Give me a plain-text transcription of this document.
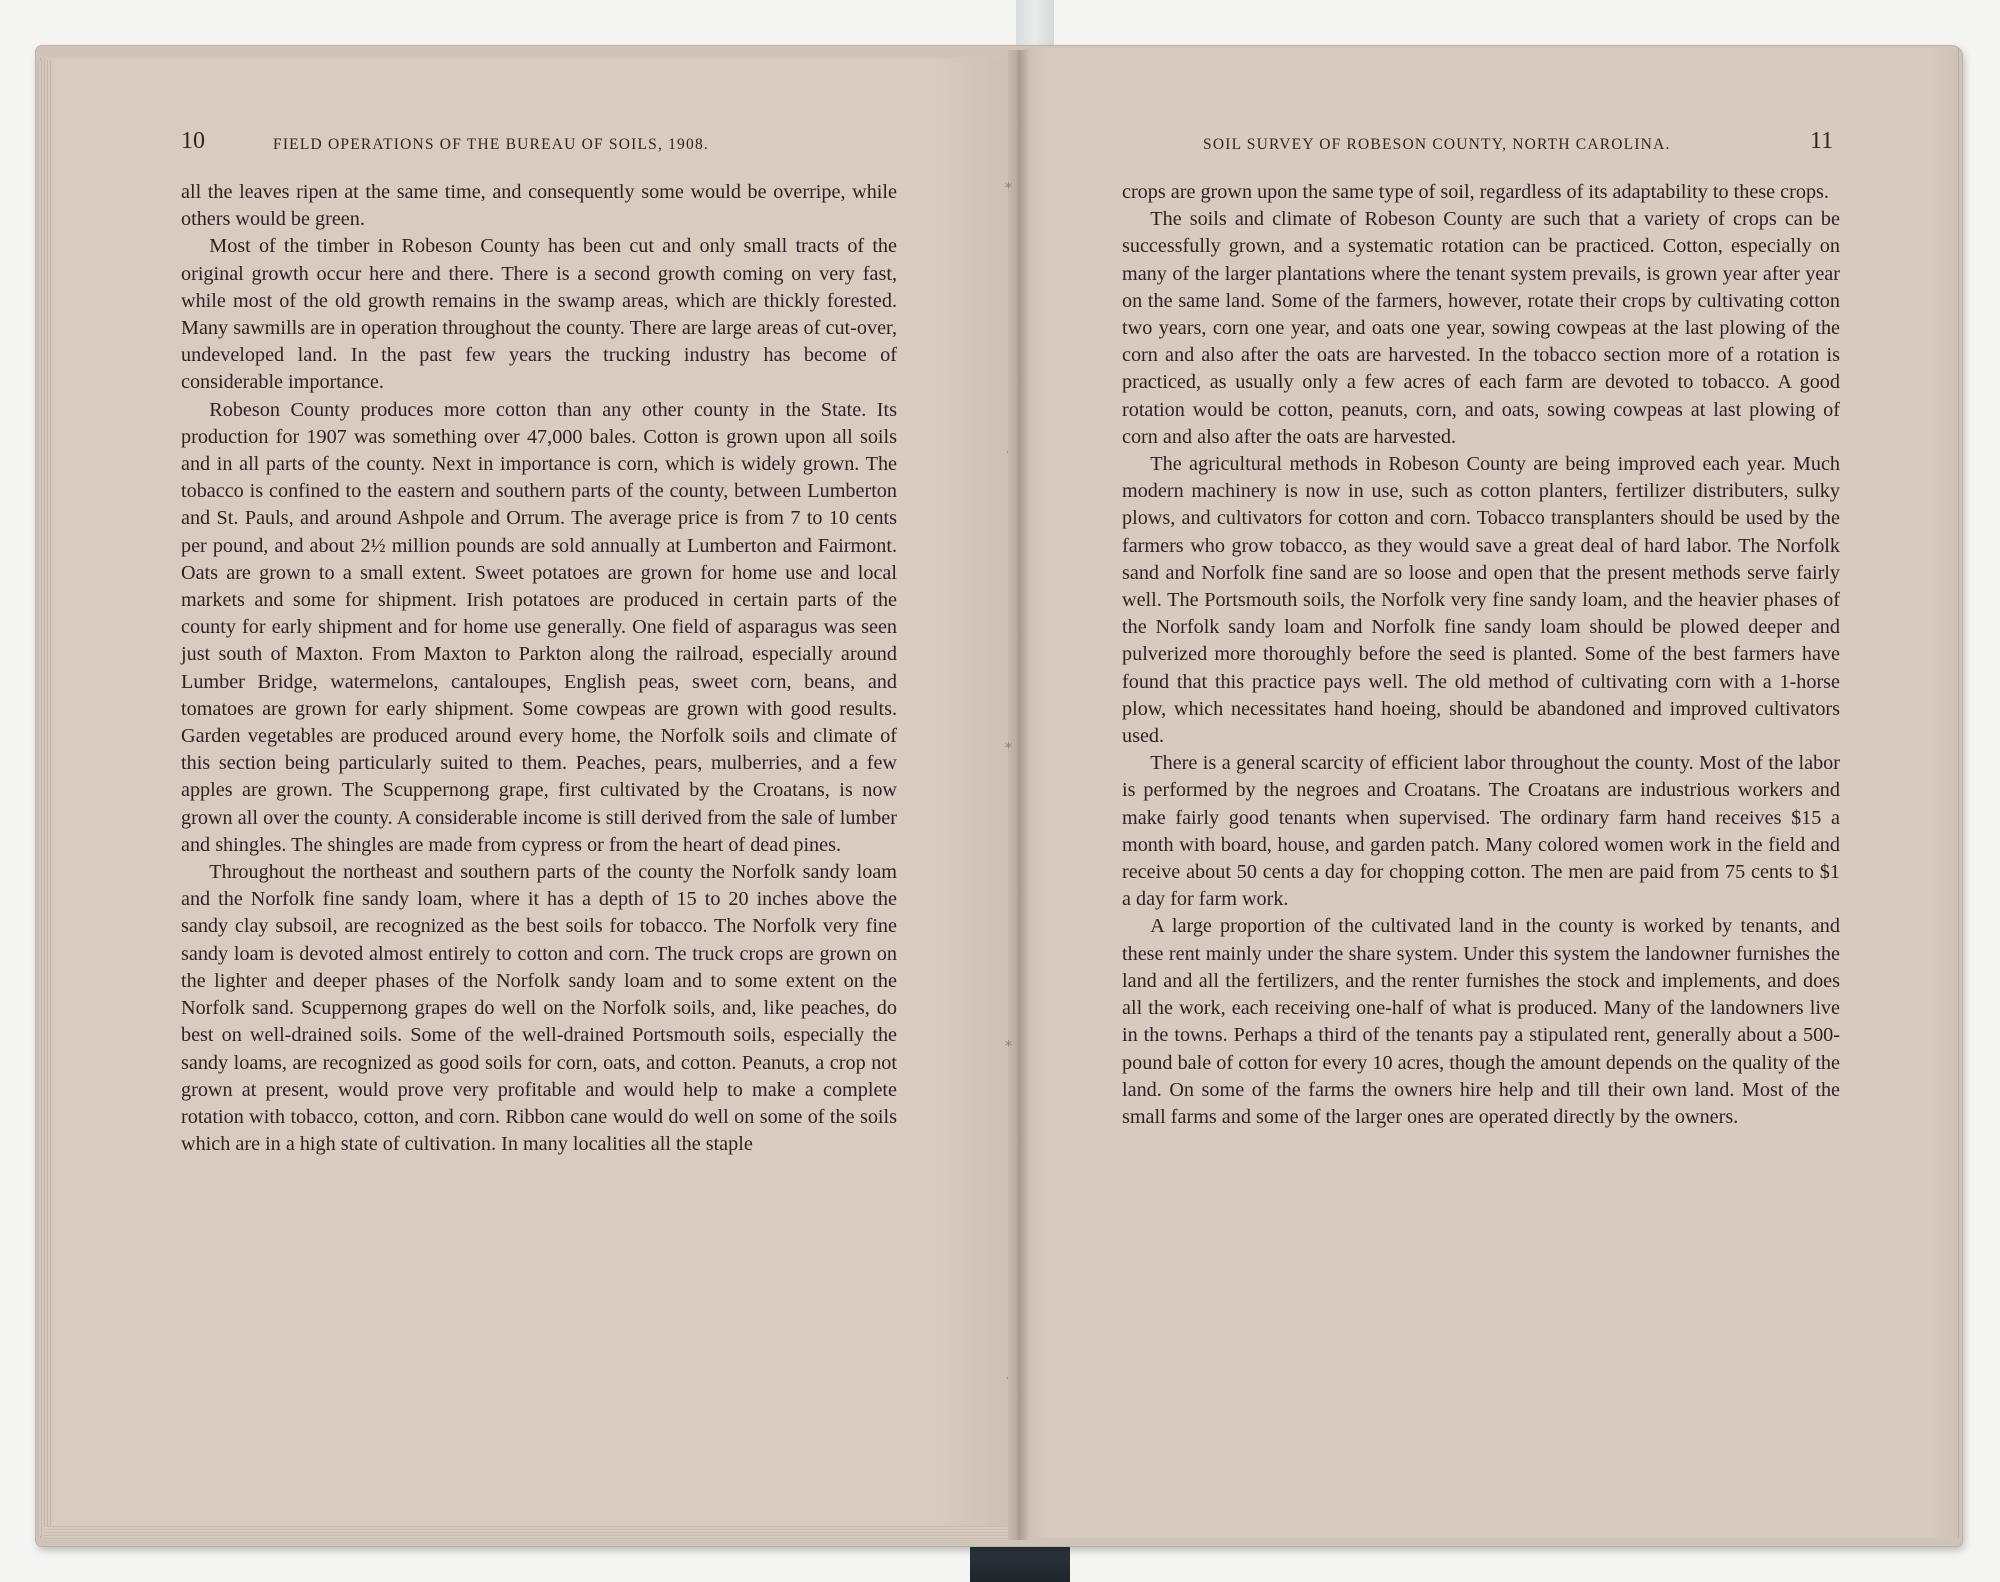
⁎
ˌ
⁎
⁎
ˌ
10	FIELD OPERATIONS OF THE BUREAU OF SOILS, 1908.	SOIL SURVEY OF ROBESON COUNTY, NORTH CAROLINA.	11

all the leaves ripen at the same time, and consequently some would be overripe, while others would be green.

Most of the timber in Robeson County has been cut and only small tracts of the original growth occur here and there. There is a second growth coming on very fast, while most of the old growth remains in the swamp areas, which are thickly forested. Many sawmills are in operation throughout the county. There are large areas of cut-over, undeveloped land. In the past few years the trucking industry has become of considerable importance.

Robeson County produces more cotton than any other county in the State. Its production for 1907 was something over 47,000 bales. Cotton is grown upon all soils and in all parts of the county. Next in importance is corn, which is widely grown. The tobacco is confined to the eastern and southern parts of the county, between Lumberton and St. Pauls, and around Ashpole and Orrum. The average price is from 7 to 10 cents per pound, and about 2½ million pounds are sold annually at Lumberton and Fairmont. Oats are grown to a small extent. Sweet potatoes are grown for home use and local markets and some for shipment. Irish potatoes are produced in certain parts of the county for early shipment and for home use generally. One field of asparagus was seen just south of Maxton. From Maxton to Parkton along the railroad, especially around Lumber Bridge, watermelons, cantaloupes, English peas, sweet corn, beans, and tomatoes are grown for early shipment. Some cowpeas are grown with good results. Garden vegetables are produced around every home, the Norfolk soils and climate of this section being particularly suited to them. Peaches, pears, mulberries, and a few apples are grown. The Scuppernong grape, first cultivated by the Croatans, is now grown all over the county. A considerable income is still derived from the sale of lumber and shingles. The shingles are made from cypress or from the heart of dead pines.

Throughout the northeast and southern parts of the county the Norfolk sandy loam and the Norfolk fine sandy loam, where it has a depth of 15 to 20 inches above the sandy clay subsoil, are recognized as the best soils for tobacco. The Norfolk very fine sandy loam is devoted almost entirely to cotton and corn. The truck crops are grown on the lighter and deeper phases of the Norfolk sandy loam and to some extent on the Norfolk sand. Scuppernong grapes do well on the Norfolk soils, and, like peaches, do best on well-drained soils. Some of the well-drained Portsmouth soils, especially the sandy loams, are recognized as good soils for corn, oats, and cotton. Peanuts, a crop not grown at present, would prove very profitable and would help to make a complete rotation with tobacco, cotton, and corn. Ribbon cane would do well on some of the soils which are in a high state of cultivation. In many localities all the staple

crops are grown upon the same type of soil, regardless of its adaptability to these crops.

The soils and climate of Robeson County are such that a variety of crops can be successfully grown, and a systematic rotation can be practiced. Cotton, especially on many of the larger plantations where the tenant system prevails, is grown year after year on the same land. Some of the farmers, however, rotate their crops by cultivating cotton two years, corn one year, and oats one year, sowing cowpeas at the last plowing of the corn and also after the oats are harvested. In the tobacco section more of a rotation is practiced, as usually only a few acres of each farm are devoted to tobacco. A good rotation would be cotton, peanuts, corn, and oats, sowing cowpeas at last plowing of corn and also after the oats are harvested.

The agricultural methods in Robeson County are being improved each year. Much modern machinery is now in use, such as cotton planters, fertilizer distributers, sulky plows, and cultivators for cotton and corn. Tobacco transplanters should be used by the farmers who grow tobacco, as they would save a great deal of hard labor. The Norfolk sand and Norfolk fine sand are so loose and open that the present methods serve fairly well. The Portsmouth soils, the Norfolk very fine sandy loam, and the heavier phases of the Norfolk sandy loam and Norfolk fine sandy loam should be plowed deeper and pulverized more thoroughly before the seed is planted. Some of the best farmers have found that this practice pays well. The old method of cultivating corn with a 1-horse plow, which necessitates hand hoeing, should be abandoned and improved cultivators used.

There is a general scarcity of efficient labor throughout the county. Most of the labor is performed by the negroes and Croatans. The Croatans are industrious workers and make fairly good tenants when supervised. The ordinary farm hand receives $15 a month with board, house, and garden patch. Many colored women work in the field and receive about 50 cents a day for chopping cotton. The men are paid from 75 cents to $1 a day for farm work.

A large proportion of the cultivated land in the county is worked by tenants, and these rent mainly under the share system. Under this system the landowner furnishes the land and all the fertilizers, and the renter furnishes the stock and implements, and does all the work, each receiving one-half of what is produced. Many of the landowners live in the towns. Perhaps a third of the tenants pay a stipulated rent, generally about a 500-pound bale of cotton for every 10 acres, though the amount depends on the quality of the land. On some of the farms the owners hire help and till their own land. Most of the small farms and some of the larger ones are operated directly by the owners.
